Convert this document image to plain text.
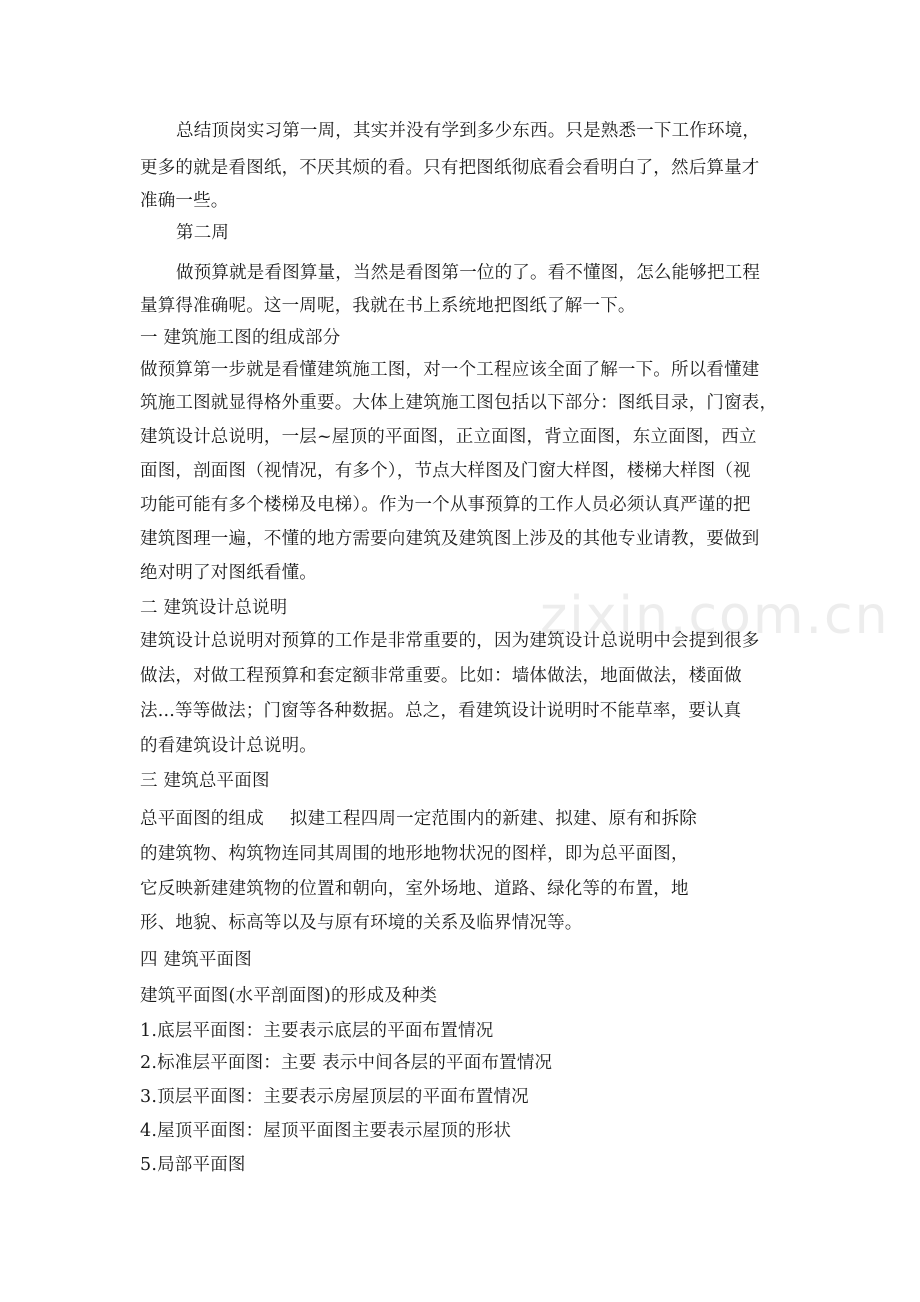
zixin.com.cn
总结顶岗实习第一周，其实并没有学到多少东西。只是熟悉一下工作环境，
更多的就是看图纸，不厌其烦的看。只有把图纸彻底看会看明白了，然后算量才
准确一些。
第二周
做预算就是看图算量，当然是看图第一位的了。看不懂图，怎么能够把工程
量算得准确呢。这一周呢，我就在书上系统地把图纸了解一下。
一 建筑施工图的组成部分
做预算第一步就是看懂建筑施工图，对一个工程应该全面了解一下。所以看懂建
筑施工图就显得格外重要。大体上建筑施工图包括以下部分：图纸目录，门窗表，
建筑设计总说明，一层~屋顶的平面图，正立面图，背立面图，东立面图，西立
面图，剖面图（视情况，有多个），节点大样图及门窗大样图，楼梯大样图（视
功能可能有多个楼梯及电梯）。作为一个从事预算的工作人员必须认真严谨的把
建筑图理一遍，不懂的地方需要向建筑及建筑图上涉及的其他专业请教，要做到
绝对明了对图纸看懂。
二 建筑设计总说明
建筑设计总说明对预算的工作是非常重要的，因为建筑设计总说明中会提到很多
做法，对做工程预算和套定额非常重要。比如：墙体做法，地面做法，楼面做
法...等等做法；门窗等各种数据。总之，看建筑设计说明时不能草率，要认真
的看建筑设计总说明。
三 建筑总平面图
总平面图的组成 拟建工程四周一定范围内的新建、拟建、原有和拆除
的建筑物、构筑物连同其周围的地形地物状况的图样，即为总平面图，
它反映新建建筑物的位置和朝向，室外场地、道路、绿化等的布置，地
形、地貌、标高等以及与原有环境的关系及临界情况等。
四 建筑平面图
建筑平面图(水平剖面图)的形成及种类
1.底层平面图：主要表示底层的平面布置情况
2.标准层平面图：主要 表示中间各层的平面布置情况
3.顶层平面图：主要表示房屋顶层的平面布置情况
4.屋顶平面图：屋顶平面图主要表示屋顶的形状
5.局部平面图
